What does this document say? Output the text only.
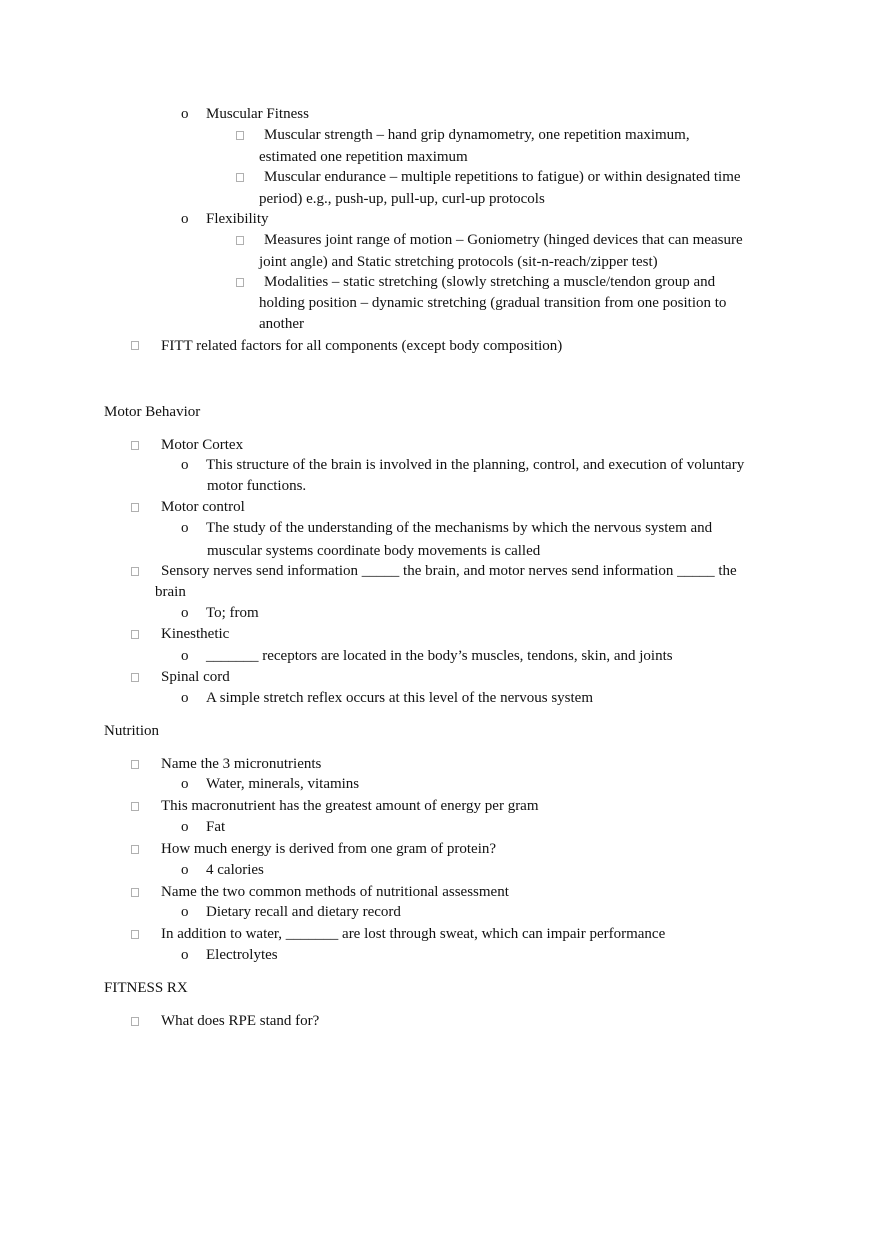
o Muscular Fitness
Muscular strength – hand grip dynamometry, one repetition maximum,
estimated one repetition maximum
Muscular endurance – multiple repetitions to fatigue) or within designated time
period) e.g., push-up, pull-up, curl-up protocols
o Flexibility
Measures joint range of motion – Goniometry (hinged devices that can measure
joint angle) and Static stretching protocols (sit-n-reach/zipper test)
Modalities – static stretching (slowly stretching a muscle/tendon group and
holding position – dynamic stretching (gradual transition from one position to
another
FITT related factors for all components (except body composition)
Motor Behavior
Motor Cortex
o This structure of the brain is involved in the planning, control, and execution of voluntary
motor functions.
Motor control
o The study of the understanding of the mechanisms by which the nervous system and
muscular systems coordinate body movements is called
Sensory nerves send information _____ the brain, and motor nerves send information _____ the
brain
o To; from
Kinesthetic
o _______ receptors are located in the body’s muscles, tendons, skin, and joints
Spinal cord
o A simple stretch reflex occurs at this level of the nervous system
Nutrition
Name the 3 micronutrients
o Water, minerals, vitamins
This macronutrient has the greatest amount of energy per gram
o Fat
How much energy is derived from one gram of protein?
o 4 calories
Name the two common methods of nutritional assessment
o Dietary recall and dietary record
In addition to water, _______ are lost through sweat, which can impair performance
o Electrolytes
FITNESS RX
What does RPE stand for?
